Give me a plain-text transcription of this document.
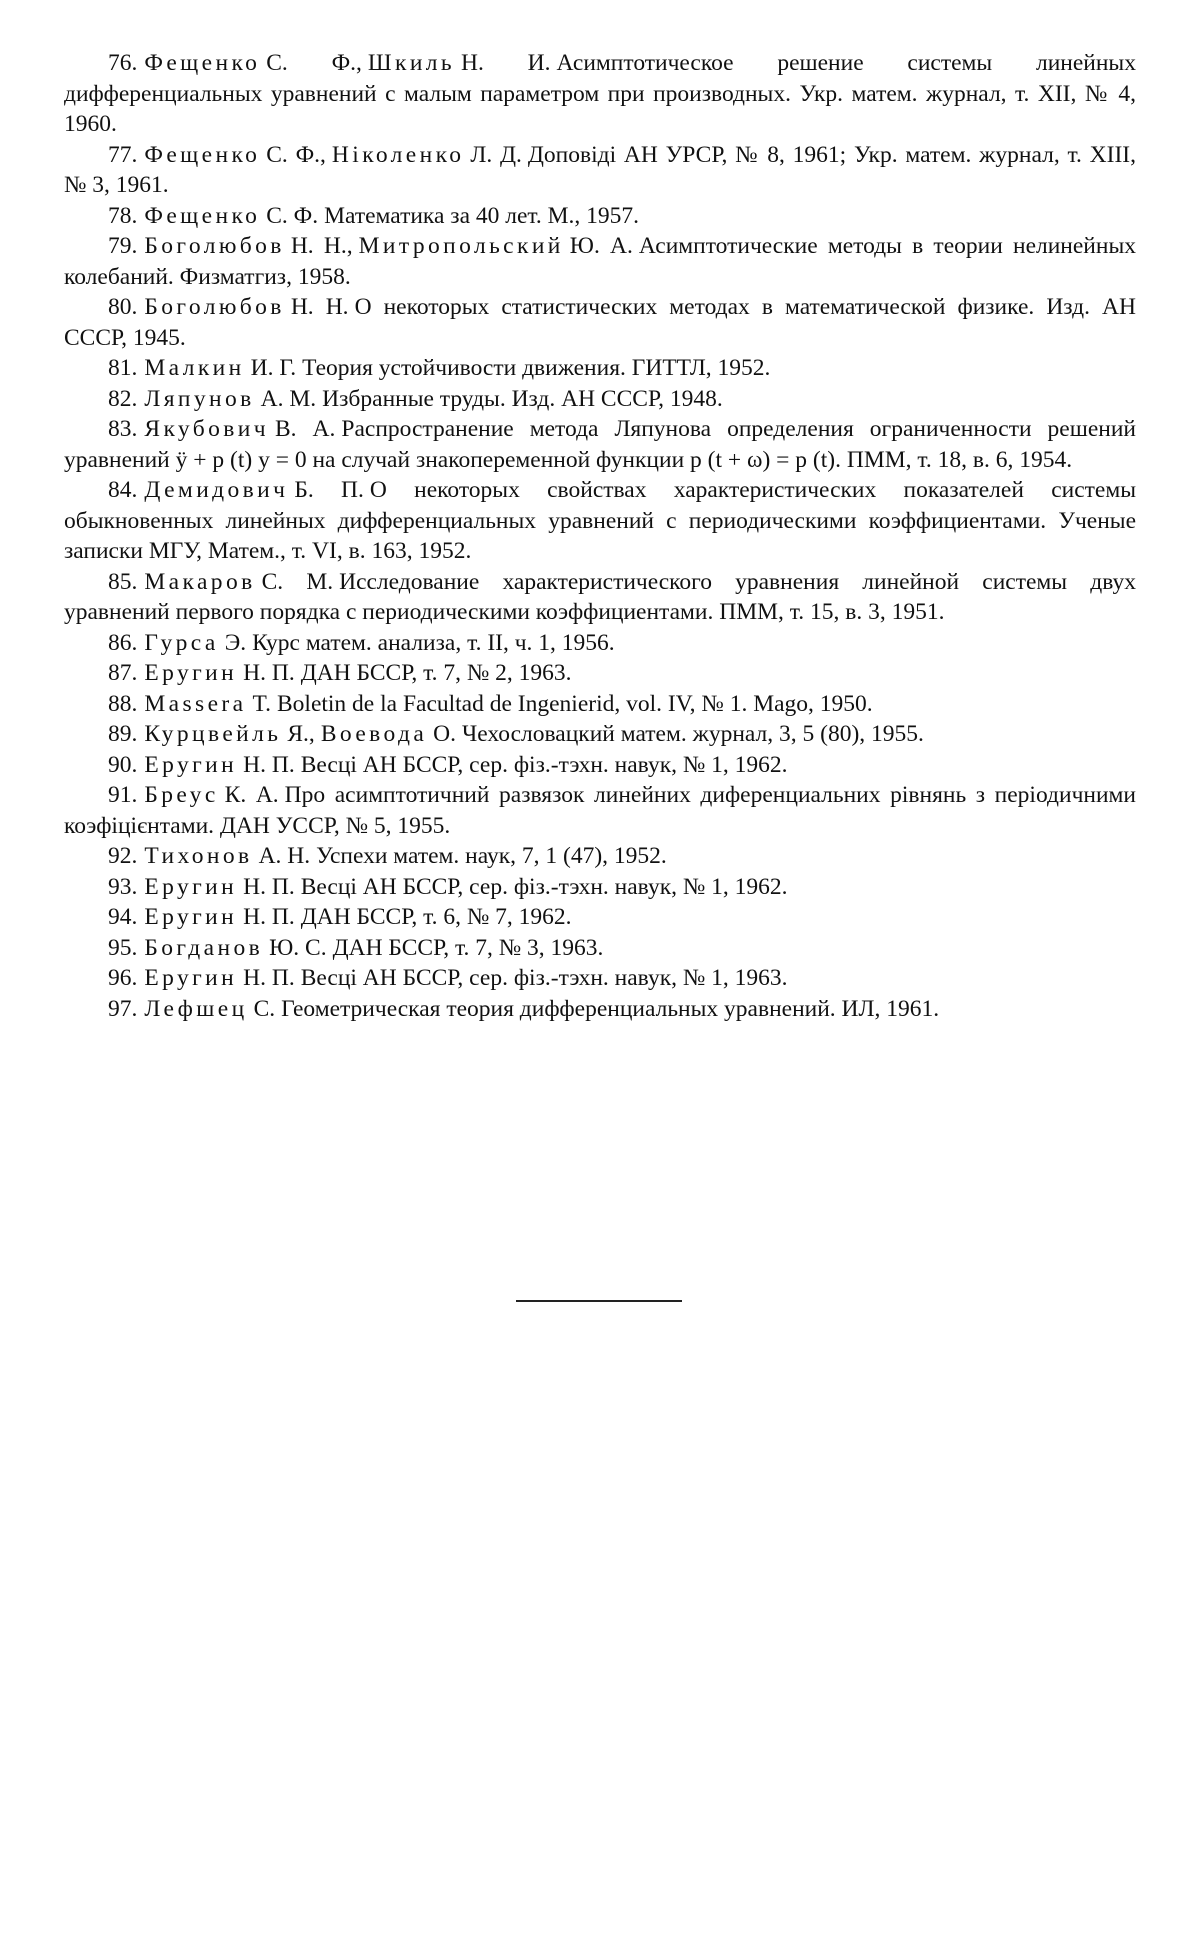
76. Фещенко С. Ф., Шкиль Н. И. Асимптотическое решение системы линейных дифференциальных уравнений с малым параметром при производных. Укр. матем. журнал, т. XII, № 4, 1960.

77. Фещенко С. Ф., Ніколенко Л. Д. Доповіді АН УРСР, № 8, 1961; Укр. матем. журнал, т. XIII, № 3, 1961.

78. Фещенко С. Ф. Математика за 40 лет. М., 1957.

79. Боголюбов Н. Н., Митропольский Ю. А. Асимптотические методы в теории нелинейных колебаний. Физматгиз, 1958.

80. Боголюбов Н. Н. О некоторых статистических методах в математической физике. Изд. АН СССР, 1945.

81. Малкин И. Г. Теория устойчивости движения. ГИТТЛ, 1952.

82. Ляпунов А. М. Избранные труды. Изд. АН СССР, 1948.

83. Якубович В. А. Распространение метода Ляпунова определения ограниченности решений уравнений ÿ + p (t) y = 0 на случай знакопеременной функции p (t + ω) = p (t). ПММ, т. 18, в. 6, 1954.

84. Демидович Б. П. О некоторых свойствах характеристических показателей системы обыкновенных линейных дифференциальных уравнений с периодическими коэффициентами. Ученые записки МГУ, Матем., т. VI, в. 163, 1952.

85. Макаров С. М. Исследование характеристического уравнения линейной системы двух уравнений первого порядка с периодическими коэффициентами. ПММ, т. 15, в. 3, 1951.

86. Гурса Э. Курс матем. анализа, т. II, ч. 1, 1956.

87. Еругин Н. П. ДАН БССР, т. 7, № 2, 1963.

88. Massera T. Boletin de la Facultad de Ingenierid, vol. IV, № 1. Mago, 1950.

89. Курцвейль Я., Воевода О. Чехословацкий матем. журнал, 3, 5 (80), 1955.

90. Еругин Н. П. Весці АН БССР, сер. фіз.-тэхн. навук, № 1, 1962.

91. Бреус К. А. Про асимптотичний развязок линейних диференциальних рівнянь з періодичними коэфіцієнтами. ДАН УССР, № 5, 1955.

92. Тихонов А. Н. Успехи матем. наук, 7, 1 (47), 1952.

93. Еругин Н. П. Весці АН БССР, сер. фіз.-тэхн. навук, № 1, 1962.

94. Еругин Н. П. ДАН БССР, т. 6, № 7, 1962.

95. Богданов Ю. С. ДАН БССР, т. 7, № 3, 1963.

96. Еругин Н. П. Весці АН БССР, сер. фіз.-тэхн. навук, № 1, 1963.

97. Лефшец С. Геометрическая теория дифференциальных уравнений. ИЛ, 1961.
